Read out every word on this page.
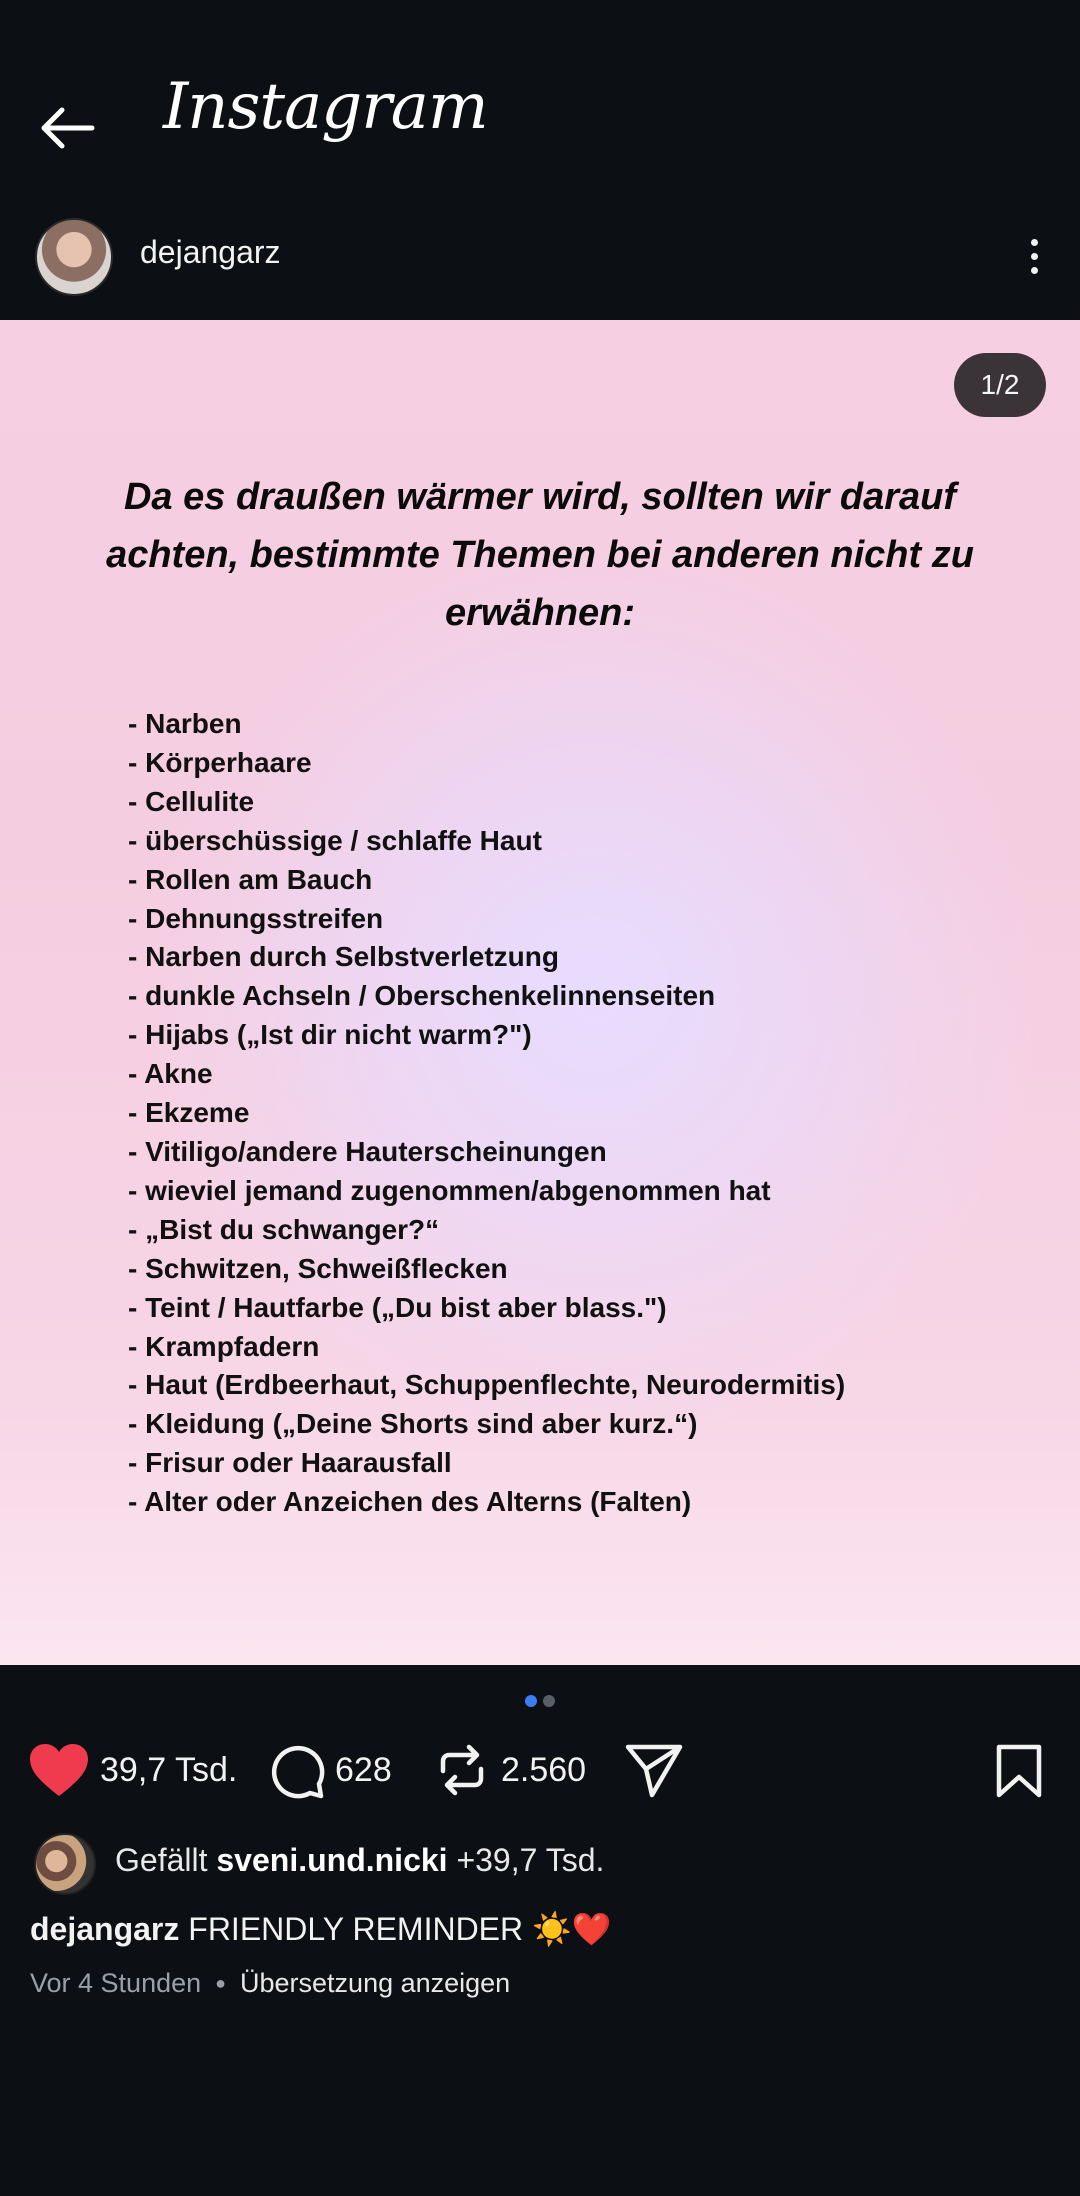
Instagram
dejangarz
1/2
Da es draußen wärmer wird, sollten wir darauf achten, bestimmte Themen bei anderen nicht zu erwähnen:
- Narben
- Körperhaare
- Cellulite
- überschüssige / schlaffe Haut
- Rollen am Bauch
- Dehnungsstreifen
- Narben durch Selbstverletzung
- dunkle Achseln / Oberschenkelinnenseiten
- Hijabs („Ist dir nicht warm?")
- Akne
- Ekzeme
- Vitiligo/andere Hauterscheinungen
- wieviel jemand zugenommen/abgenommen hat
- „Bist du schwanger?“
- Schwitzen, Schweißflecken
- Teint / Hautfarbe („Du bist aber blass.")
- Krampfadern
- Haut (Erdbeerhaut, Schuppenflechte, Neurodermitis)
- Kleidung („Deine Shorts sind aber kurz.“)
- Frisur oder Haarausfall
- Alter oder Anzeichen des Alterns (Falten)
39,7 Tsd.	628	2.560
Gefällt sveni.und.nicki +39,7 Tsd.
dejangarz FRIENDLY REMINDER ☀️❤️
Vor 4 Stunden ● Übersetzung anzeigen
